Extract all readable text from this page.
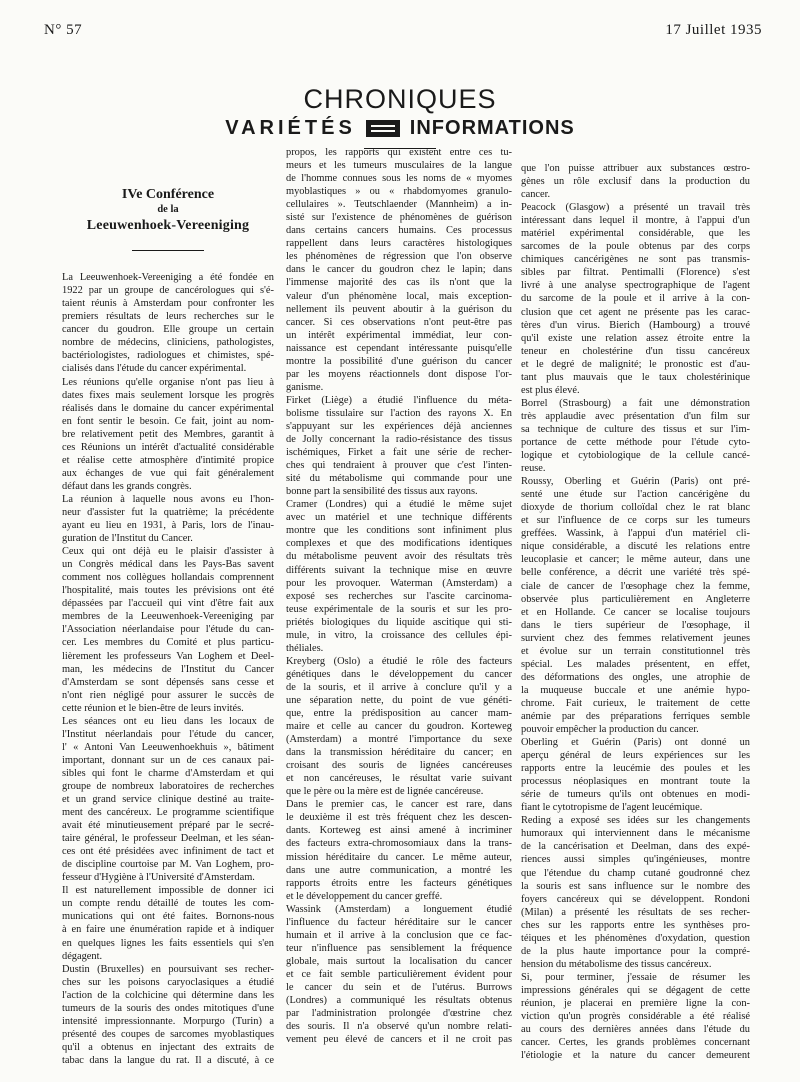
N° 57	17 Juillet 1935
CHRONIQUES
VARIÉTÉS	INFORMATIONS
IVe Conférence
de la
Leeuwenhoek-Vereeniging
La Leeuwenhoek-Vereeniging a été fondée en
1922 par un groupe de cancérologues qui s'é-
taient réunis à Amsterdam pour confronter les
premiers résultats de leurs recherches sur le
cancer du goudron. Elle groupe un certain
nombre de médecins, cliniciens, pathologistes,
bactériologistes, radiologues et chimistes, spé-
cialisés dans l'étude du cancer expérimental.
Les réunions qu'elle organise n'ont pas lieu à
dates fixes mais seulement lorsque les progrès
réalisés dans le domaine du cancer expérimental
en font sentir le besoin. Ce fait, joint au nom-
bre relativement petit des Membres, garantit à
ces Réunions un intérêt d'actualité considérable
et réalise cette atmosphère d'intimité propice
aux échanges de vue qui fait généralement
défaut dans les grands congrès.
La réunion à laquelle nous avons eu l'hon-
neur d'assister fut la quatrième; la précédente
ayant eu lieu en 1931, à Paris, lors de l'inau-
guration de l'Institut du Cancer.
Ceux qui ont déjà eu le plaisir d'assister à
un Congrès médical dans les Pays-Bas savent
comment nos collègues hollandais comprennent
l'hospitalité, mais toutes les prévisions ont été
dépassées par l'accueil qui vint d'être fait aux
membres de la Leeuwenhoek-Vereeniging par
l'Association néerlandaise pour l'étude du can-
cer. Les membres du Comité et plus particu-
lièrement les professeurs Van Loghem et Deel-
man, les médecins de l'Institut du Cancer
d'Amsterdam se sont dépensés sans cesse et
n'ont rien négligé pour assurer le succès de
cette réunion et le bien-être de leurs invités.
Les séances ont eu lieu dans les locaux de
l'Institut néerlandais pour l'étude du cancer,
l' « Antoni Van Leeuwenhoekhuis », bâtiment
important, donnant sur un de ces canaux pai-
sibles qui font le charme d'Amsterdam et qui
groupe de nombreux laboratoires de recherches
et un grand service clinique destiné au traite-
ment des cancéreux. Le programme scientifique
avait été minutieusement préparé par le secré-
taire général, le professeur Deelman, et les séan-
ces ont été présidées avec infiniment de tact et
de discipline courtoise par M. Van Loghem, pro-
fesseur d'Hygiène à l'Université d'Amsterdam.
Il est naturellement impossible de donner ici
un compte rendu détaillé de toutes les com-
munications qui ont été faites. Bornons-nous
à en faire une énumération rapide et à indiquer
en quelques lignes les faits essentiels qui s'en
dégagent.
Dustin (Bruxelles) en poursuivant ses recher-
ches sur les poisons caryoclasiques a étudié
l'action de la colchicine qui détermine dans les
tumeurs de la souris des ondes mitotiques d'une
intensité impressionnante. Morpurgo (Turin) a
présenté des coupes de sarcomes myoblastiques
qu'il a obtenus en injectant des extraits de
tabac dans la langue du rat. Il a discuté, à ce
propos, les rapports qui existent entre ces tu-
meurs et les tumeurs musculaires de la langue
de l'homme connues sous les noms de « myomes
myoblastiques » ou « rhabdomyomes granulo-
cellulaires ». Teutschlaender (Mannheim) a in-
sisté sur l'existence de phénomènes de guérison
dans certains cancers humains. Ces processus
rappellent dans leurs caractères histologiques
les phénomènes de régression que l'on observe
dans le cancer du goudron chez le lapin; dans
l'immense majorité des cas ils n'ont que la
valeur d'un phénomène local, mais exception-
nellement ils peuvent aboutir à la guérison du
cancer. Si ces observations n'ont peut-être pas
un intérêt expérimental immédiat, leur con-
naissance est cependant intéressante puisqu'elle
montre la possibilité d'une guérison du cancer
par les moyens réactionnels dont dispose l'or-
ganisme.
Firket (Liège) a étudié l'influence du méta-
bolisme tissulaire sur l'action des rayons X. En
s'appuyant sur les expériences déjà anciennes
de Jolly concernant la radio-résistance des tissus
ischémiques, Firket a fait une série de recher-
ches qui tendraient à prouver que c'est l'inten-
sité du métabolisme qui commande pour une
bonne part la sensibilité des tissus aux rayons.
Cramer (Londres) qui a étudié le même sujet
avec un matériel et une technique différents
montre que les conditions sont infiniment plus
complexes et que des modifications identiques
du métabolisme peuvent avoir des résultats très
différents suivant la technique mise en œuvre
pour les provoquer. Waterman (Amsterdam) a
exposé ses recherches sur l'ascite carcinoma-
teuse expérimentale de la souris et sur les pro-
priétés biologiques du liquide ascitique qui sti-
mule, in vitro, la croissance des cellules épi-
théliales.
Kreyberg (Oslo) a étudié le rôle des facteurs
génétiques dans le développement du cancer
de la souris, et il arrive à conclure qu'il y a
une séparation nette, du point de vue généti-
que, entre la prédisposition au cancer mam-
maire et celle au cancer du goudron. Korteweg
(Amsterdam) a montré l'importance du sexe
dans la transmission héréditaire du cancer; en
croisant des souris de lignées cancéreuses
et non cancéreuses, le résultat varie suivant
que le père ou la mère est de lignée cancéreuse.
Dans le premier cas, le cancer est rare, dans
le deuxième il est très fréquent chez les descen-
dants. Korteweg est ainsi amené à incriminer
des facteurs extra-chromosomiaux dans la trans-
mission héréditaire du cancer. Le même auteur,
dans une autre communication, a montré les
rapports étroits entre les facteurs génétiques
et le développement du cancer greffé.
Wassink (Amsterdam) a longuement étudié
l'influence du facteur héréditaire sur le cancer
humain et il arrive à la conclusion que ce fac-
teur n'influence pas sensiblement la fréquence
globale, mais surtout la localisation du cancer
et ce fait semble particulièrement évident pour
le cancer du sein et de l'utérus. Burrows
(Londres) a communiqué les résultats obtenus
par l'administration prolongée d'œstrine chez
des souris. Il n'a observé qu'un nombre relati-
vement peu élevé de cancers et il ne croit pas
que l'on puisse attribuer aux substances œstro-
gènes un rôle exclusif dans la production du
cancer.
Peacock (Glasgow) a présenté un travail très
intéressant dans lequel il montre, à l'appui d'un
matériel expérimental considérable, que les
sarcomes de la poule obtenus par des corps
chimiques cancérigènes ne sont pas transmis-
sibles par filtrat. Pentimalli (Florence) s'est
livré à une analyse spectrographique de l'agent
du sarcome de la poule et il arrive à la con-
clusion que cet agent ne présente pas les carac-
tères d'un virus. Bierich (Hambourg) a trouvé
qu'il existe une relation assez étroite entre la
teneur en cholestérine d'un tissu cancéreux
et le degré de malignité; le pronostic est d'au-
tant plus mauvais que le taux cholestérinique
est plus élevé.
Borrel (Strasbourg) a fait une démonstration
très applaudie avec présentation d'un film sur
sa technique de culture des tissus et sur l'im-
portance de cette méthode pour l'étude cyto-
logique et cytobiologique de la cellule cancé-
reuse.
Roussy, Oberling et Guérin (Paris) ont pré-
senté une étude sur l'action cancérigène du
dioxyde de thorium colloïdal chez le rat blanc
et sur l'influence de ce corps sur les tumeurs
greffées. Wassink, à l'appui d'un matériel cli-
nique considérable, a discuté les relations entre
leucoplasie et cancer; le même auteur, dans une
belle conférence, a décrit une variété très spé-
ciale de cancer de l'œsophage chez la femme,
observée plus particulièrement en Angleterre
et en Hollande. Ce cancer se localise toujours
dans le tiers supérieur de l'œsophage, il
survient chez des femmes relativement jeunes
et évolue sur un terrain constitutionnel très
spécial. Les malades présentent, en effet,
des déformations des ongles, une atrophie de
la muqueuse buccale et une anémie hypo-
chrome. Fait curieux, le traitement de cette
anémie par des préparations ferriques semble
pouvoir empêcher la production du cancer.
Oberling et Guérin (Paris) ont donné un
aperçu général de leurs expériences sur les
rapports entre la leucémie des poules et les
processus néoplasiques en montrant toute la
série de tumeurs qu'ils ont obtenues en modi-
fiant le cytotropisme de l'agent leucémique.
Reding a exposé ses idées sur les changements
humoraux qui interviennent dans le mécanisme
de la cancérisation et Deelman, dans des expé-
riences aussi simples qu'ingénieuses, montre
que l'étendue du champ cutané goudronné chez
la souris est sans influence sur le nombre des
foyers cancéreux qui se développent. Rondoni
(Milan) a présenté les résultats de ses recher-
ches sur les rapports entre les synthèses pro-
téiques et les phénomènes d'oxydation, question
de la plus haute importance pour la compré-
hension du métabolisme des tissus cancéreux.
Si, pour terminer, j'essaie de résumer les
impressions générales qui se dégagent de cette
réunion, je placerai en première ligne la con-
viction qu'un progrès considérable a été réalisé
au cours des dernières années dans l'étude du
cancer. Certes, les grands problèmes concernant
l'étiologie et la nature du cancer demeurent
